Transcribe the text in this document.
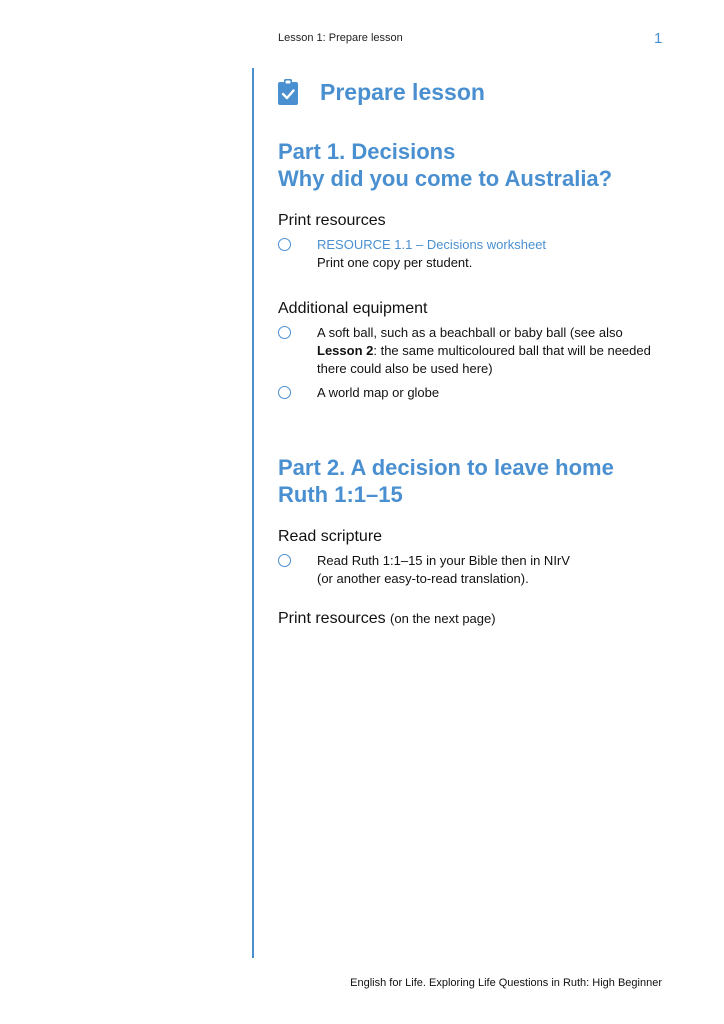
Lesson 1: Prepare lesson	1
Prepare lesson
Part 1. Decisions
Why did you come to Australia?
Print resources
RESOURCE 1.1 – Decisions worksheet
Print one copy per student.
Additional equipment
A soft ball, such as a beachball or baby ball (see also Lesson 2: the same multicoloured ball that will be needed there could also be used here)
A world map or globe
Part 2. A decision to leave home
Ruth 1:1–15
Read scripture
Read Ruth 1:1–15 in your Bible then in NIrV
(or another easy-to-read translation).
Print resources (on the next page)
English for Life. Exploring Life Questions in Ruth: High Beginner
